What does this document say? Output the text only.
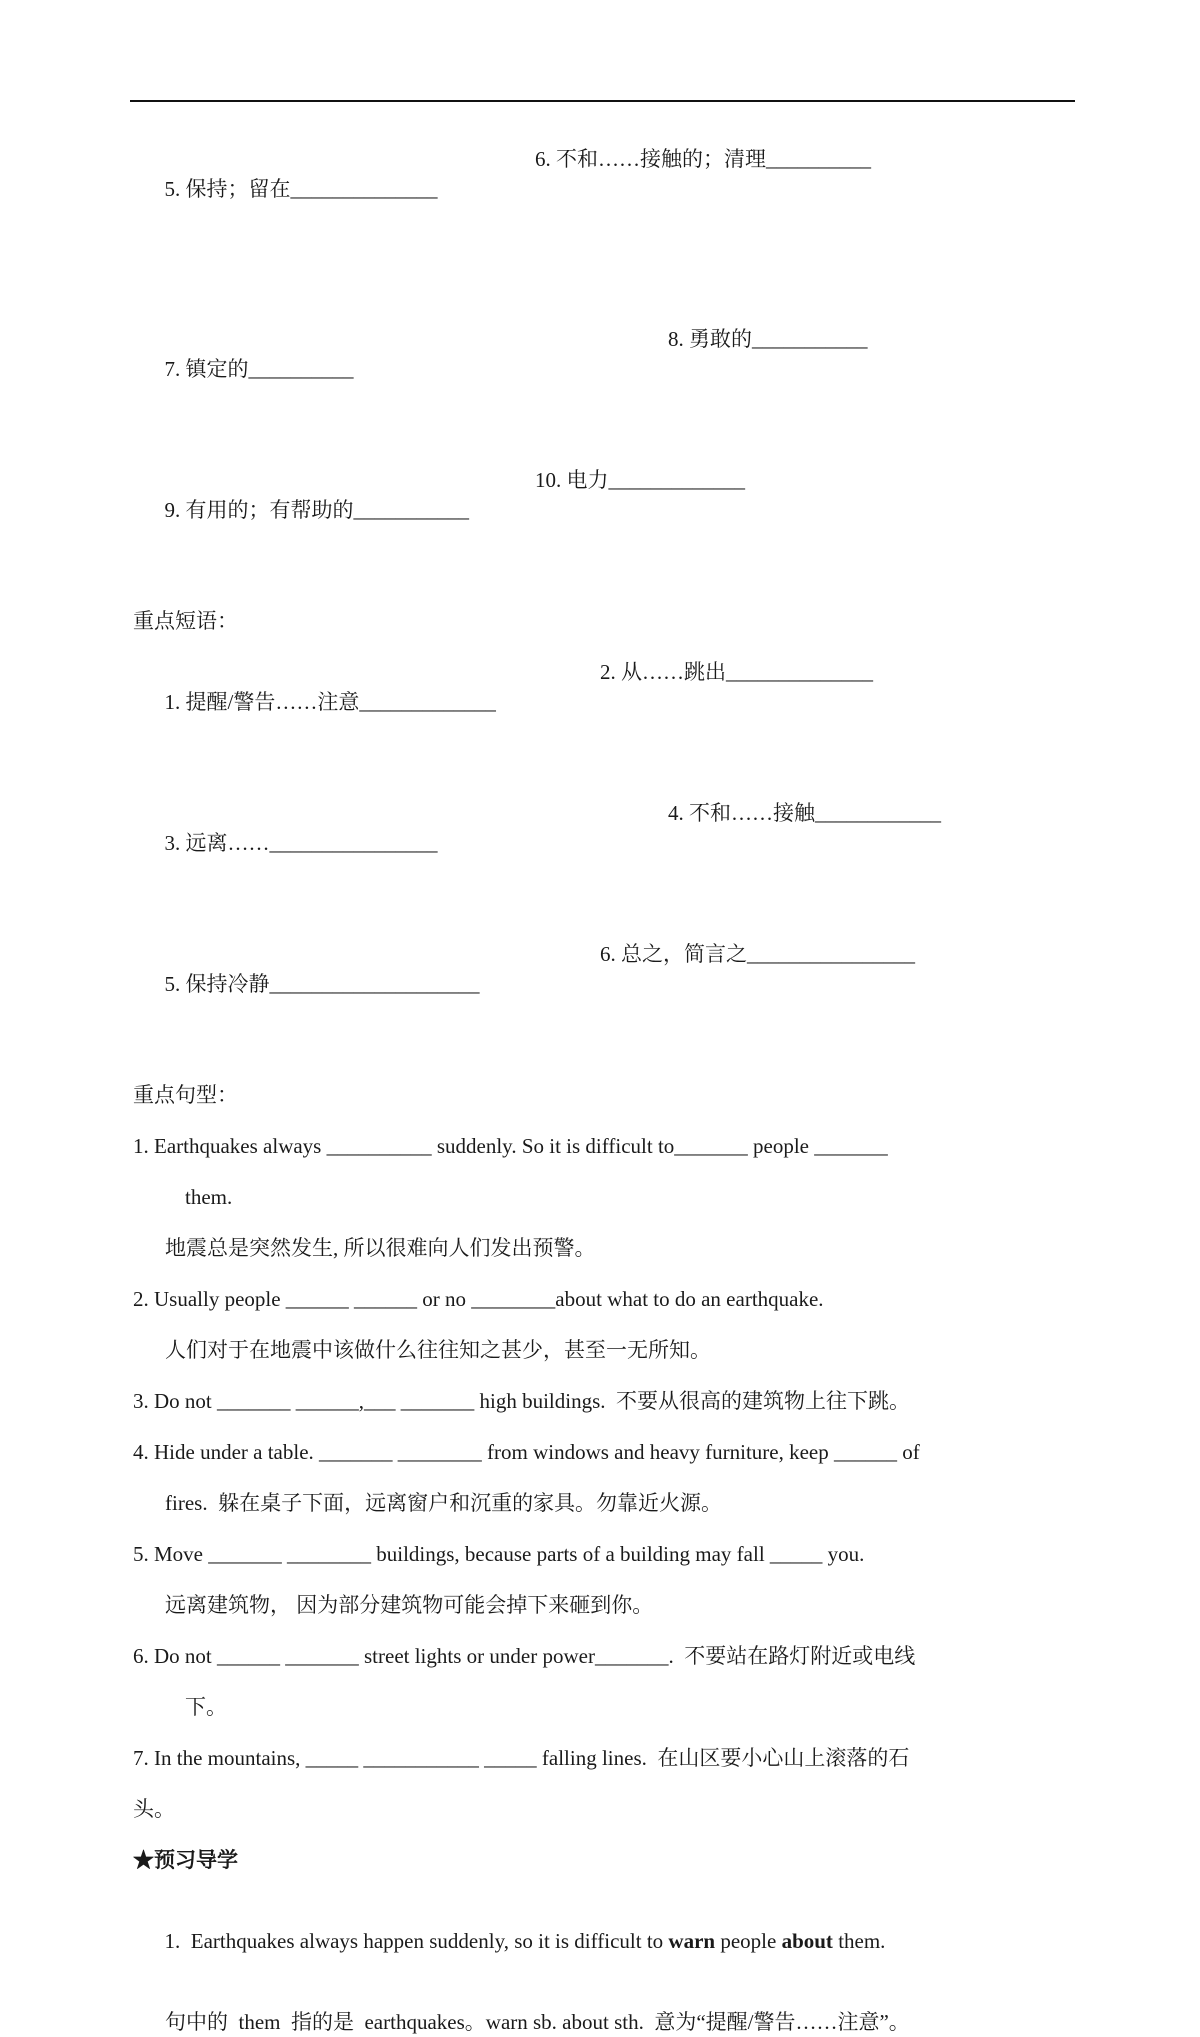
5. 保持；留在______________

6. 不和……接触的；清理__________

7. 镇定的__________

8. 勇敢的___________

9. 有用的；有帮助的___________

10. 电力_____________

重点短语：

1. 提醒/警告……注意_____________

2. 从……跳出______________

3. 远离……________________

4. 不和……接触____________

5. 保持冷静____________________

6. 总之，简言之________________

重点句型：
1. Earthquakes always __________ suddenly. So it is difficult to_______ people _______
them.
地震总是突然发生, 所以很难向人们发出预警。
2. Usually people ______ ______ or no ________about what to do an earthquake.
人们对于在地震中该做什么往往知之甚少，甚至一无所知。
3. Do not _______ ______,___ _______ high buildings.  不要从很高的建筑物上往下跳。
4. Hide under a table. _______ ________ from windows and heavy furniture, keep ______ of
fires.  躲在桌子下面，远离窗户和沉重的家具。勿靠近火源。
5. Move _______ ________ buildings, because parts of a building may fall _____ you.
远离建筑物， 因为部分建筑物可能会掉下来砸到你。
6. Do not ______ _______ street lights or under power_______.  不要站在路灯附近或电线
下。
7. In the mountains, _____ ___________ _____ falling lines.  在山区要小心山上滚落的石
头。
★预习导学

1.  Earthquakes always happen suddenly, so it is difficult to warn people about them.

句中的  them  指的是  earthquakes。warn sb. about sth.  意为“提醒/警告……注意”。
